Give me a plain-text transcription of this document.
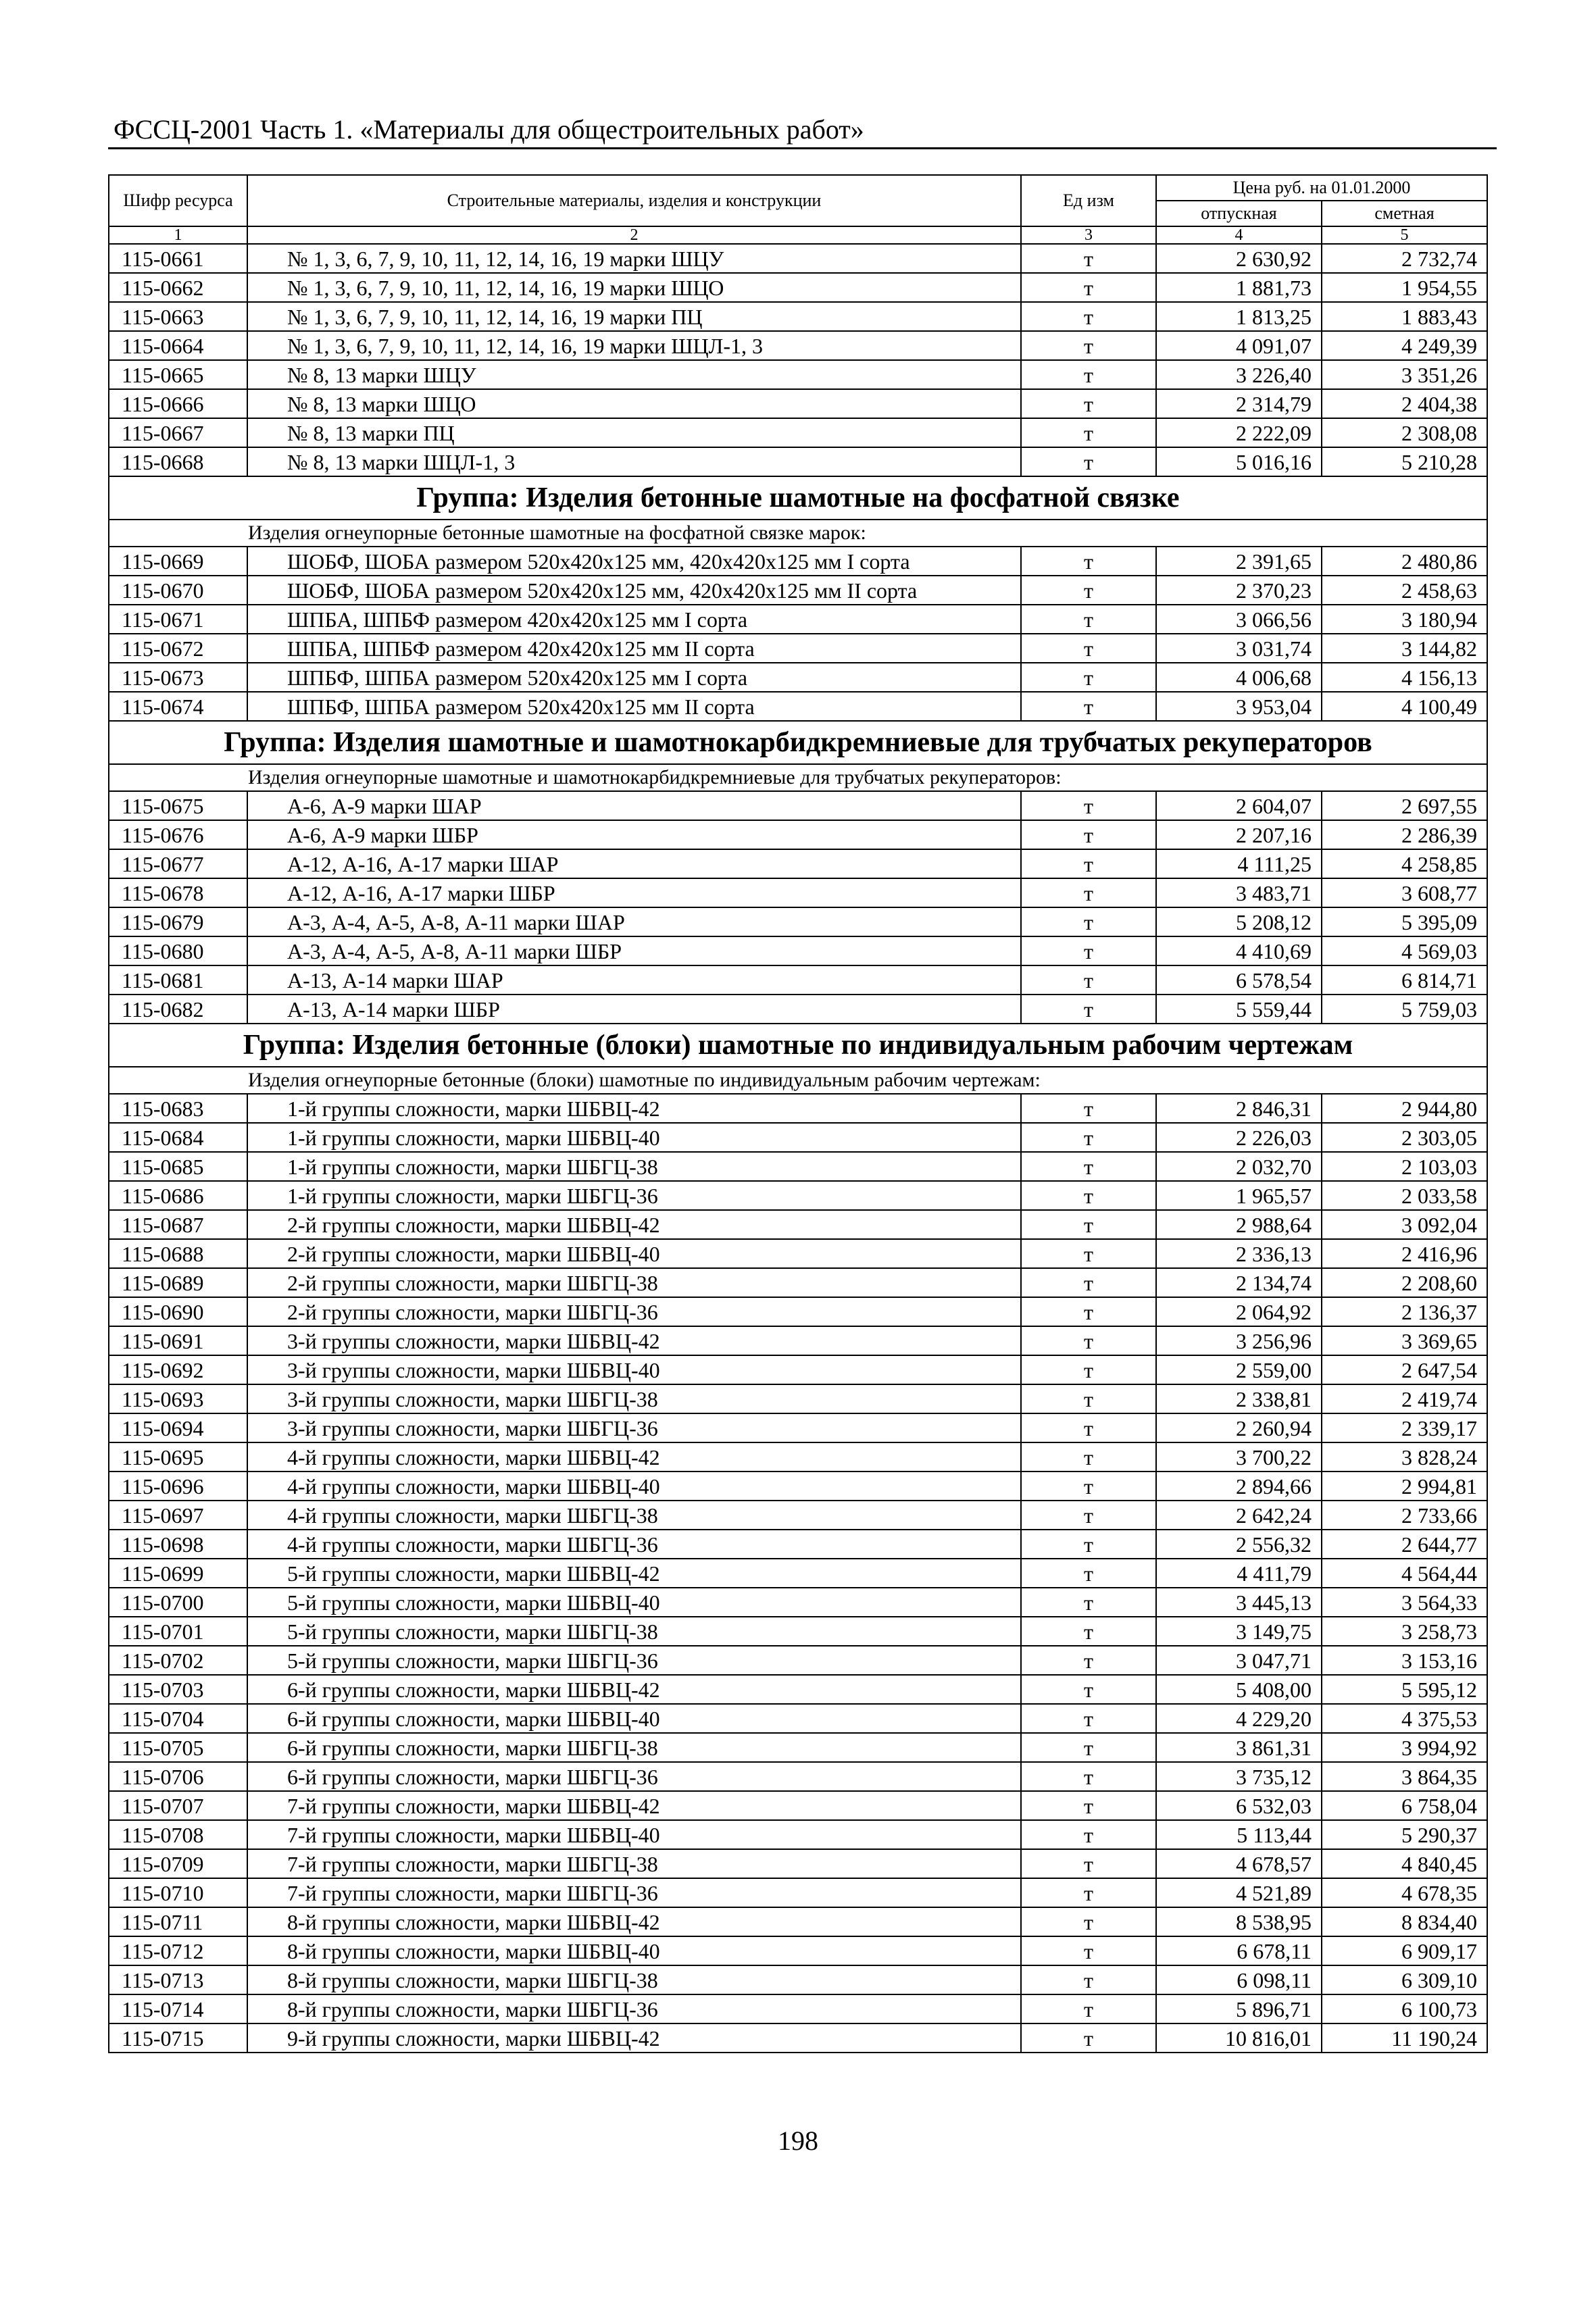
ФССЦ-2001 Часть 1. «Материалы для общестроительных работ»
Шифр ресурса	Строительные материалы, изделия и конструкции	Ед изм	Цена руб. на 01.01.2000	
			отпускная	сметная
1	2	3	4	5
115-0661	№ 1, 3, 6, 7, 9, 10, 11, 12, 14, 16, 19 марки ШЦУ	т	2 630,92	2 732,74
115-0662	№ 1, 3, 6, 7, 9, 10, 11, 12, 14, 16, 19 марки ШЦО	т	1 881,73	1 954,55
115-0663	№ 1, 3, 6, 7, 9, 10, 11, 12, 14, 16, 19 марки ПЦ	т	1 813,25	1 883,43
115-0664	№ 1, 3, 6, 7, 9, 10, 11, 12, 14, 16, 19 марки ШЦЛ-1, 3	т	4 091,07	4 249,39
115-0665	№ 8, 13 марки ШЦУ	т	3 226,40	3 351,26
115-0666	№ 8, 13 марки ШЦО	т	2 314,79	2 404,38
115-0667	№ 8, 13 марки ПЦ	т	2 222,09	2 308,08
115-0668	№ 8, 13 марки ШЦЛ-1, 3	т	5 016,16	5 210,28
Группа: Изделия бетонные шамотные на фосфатной связке				
Изделия огнеупорные бетонные шамотные на фосфатной связке марок:				
115-0669	ШОБФ, ШОБА размером 520х420х125 мм, 420х420х125 мм I сорта	т	2 391,65	2 480,86
115-0670	ШОБФ, ШОБА размером 520х420х125 мм, 420х420х125 мм II сорта	т	2 370,23	2 458,63
115-0671	ШПБА, ШПБФ размером 420х420х125 мм I сорта	т	3 066,56	3 180,94
115-0672	ШПБА, ШПБФ размером 420х420х125 мм II сорта	т	3 031,74	3 144,82
115-0673	ШПБФ, ШПБА размером 520х420х125 мм I сорта	т	4 006,68	4 156,13
115-0674	ШПБФ, ШПБА размером 520х420х125 мм II сорта	т	3 953,04	4 100,49
Группа: Изделия шамотные и шамотнокарбидкремниевые для трубчатых рекуператоров				
Изделия огнеупорные шамотные и шамотнокарбидкремниевые для трубчатых рекуператоров:				
115-0675	А-6, А-9 марки ШАР	т	2 604,07	2 697,55
115-0676	А-6, А-9 марки ШБР	т	2 207,16	2 286,39
115-0677	А-12, А-16, А-17 марки ШАР	т	4 111,25	4 258,85
115-0678	А-12, А-16, А-17 марки ШБР	т	3 483,71	3 608,77
115-0679	А-3, А-4, А-5, А-8, А-11 марки ШАР	т	5 208,12	5 395,09
115-0680	А-3, А-4, А-5, А-8, А-11 марки ШБР	т	4 410,69	4 569,03
115-0681	А-13, А-14 марки ШАР	т	6 578,54	6 814,71
115-0682	А-13, А-14 марки ШБР	т	5 559,44	5 759,03
Группа: Изделия бетонные (блоки) шамотные по индивидуальным рабочим чертежам				
Изделия огнеупорные бетонные (блоки) шамотные по индивидуальным рабочим чертежам:				
115-0683	1-й группы сложности, марки ШБВЦ-42	т	2 846,31	2 944,80
115-0684	1-й группы сложности, марки ШБВЦ-40	т	2 226,03	2 303,05
115-0685	1-й группы сложности, марки ШБГЦ-38	т	2 032,70	2 103,03
115-0686	1-й группы сложности, марки ШБГЦ-36	т	1 965,57	2 033,58
115-0687	2-й группы сложности, марки ШБВЦ-42	т	2 988,64	3 092,04
115-0688	2-й группы сложности, марки ШБВЦ-40	т	2 336,13	2 416,96
115-0689	2-й группы сложности, марки ШБГЦ-38	т	2 134,74	2 208,60
115-0690	2-й группы сложности, марки ШБГЦ-36	т	2 064,92	2 136,37
115-0691	3-й группы сложности, марки ШБВЦ-42	т	3 256,96	3 369,65
115-0692	3-й группы сложности, марки ШБВЦ-40	т	2 559,00	2 647,54
115-0693	3-й группы сложности, марки ШБГЦ-38	т	2 338,81	2 419,74
115-0694	3-й группы сложности, марки ШБГЦ-36	т	2 260,94	2 339,17
115-0695	4-й группы сложности, марки ШБВЦ-42	т	3 700,22	3 828,24
115-0696	4-й группы сложности, марки ШБВЦ-40	т	2 894,66	2 994,81
115-0697	4-й группы сложности, марки ШБГЦ-38	т	2 642,24	2 733,66
115-0698	4-й группы сложности, марки ШБГЦ-36	т	2 556,32	2 644,77
115-0699	5-й группы сложности, марки ШБВЦ-42	т	4 411,79	4 564,44
115-0700	5-й группы сложности, марки ШБВЦ-40	т	3 445,13	3 564,33
115-0701	5-й группы сложности, марки ШБГЦ-38	т	3 149,75	3 258,73
115-0702	5-й группы сложности, марки ШБГЦ-36	т	3 047,71	3 153,16
115-0703	6-й группы сложности, марки ШБВЦ-42	т	5 408,00	5 595,12
115-0704	6-й группы сложности, марки ШБВЦ-40	т	4 229,20	4 375,53
115-0705	6-й группы сложности, марки ШБГЦ-38	т	3 861,31	3 994,92
115-0706	6-й группы сложности, марки ШБГЦ-36	т	3 735,12	3 864,35
115-0707	7-й группы сложности, марки ШБВЦ-42	т	6 532,03	6 758,04
115-0708	7-й группы сложности, марки ШБВЦ-40	т	5 113,44	5 290,37
115-0709	7-й группы сложности, марки ШБГЦ-38	т	4 678,57	4 840,45
115-0710	7-й группы сложности, марки ШБГЦ-36	т	4 521,89	4 678,35
115-0711	8-й группы сложности, марки ШБВЦ-42	т	8 538,95	8 834,40
115-0712	8-й группы сложности, марки ШБВЦ-40	т	6 678,11	6 909,17
115-0713	8-й группы сложности, марки ШБГЦ-38	т	6 098,11	6 309,10
115-0714	8-й группы сложности, марки ШБГЦ-36	т	5 896,71	6 100,73
115-0715	9-й группы сложности, марки ШБВЦ-42	т	10 816,01	11 190,24
198
